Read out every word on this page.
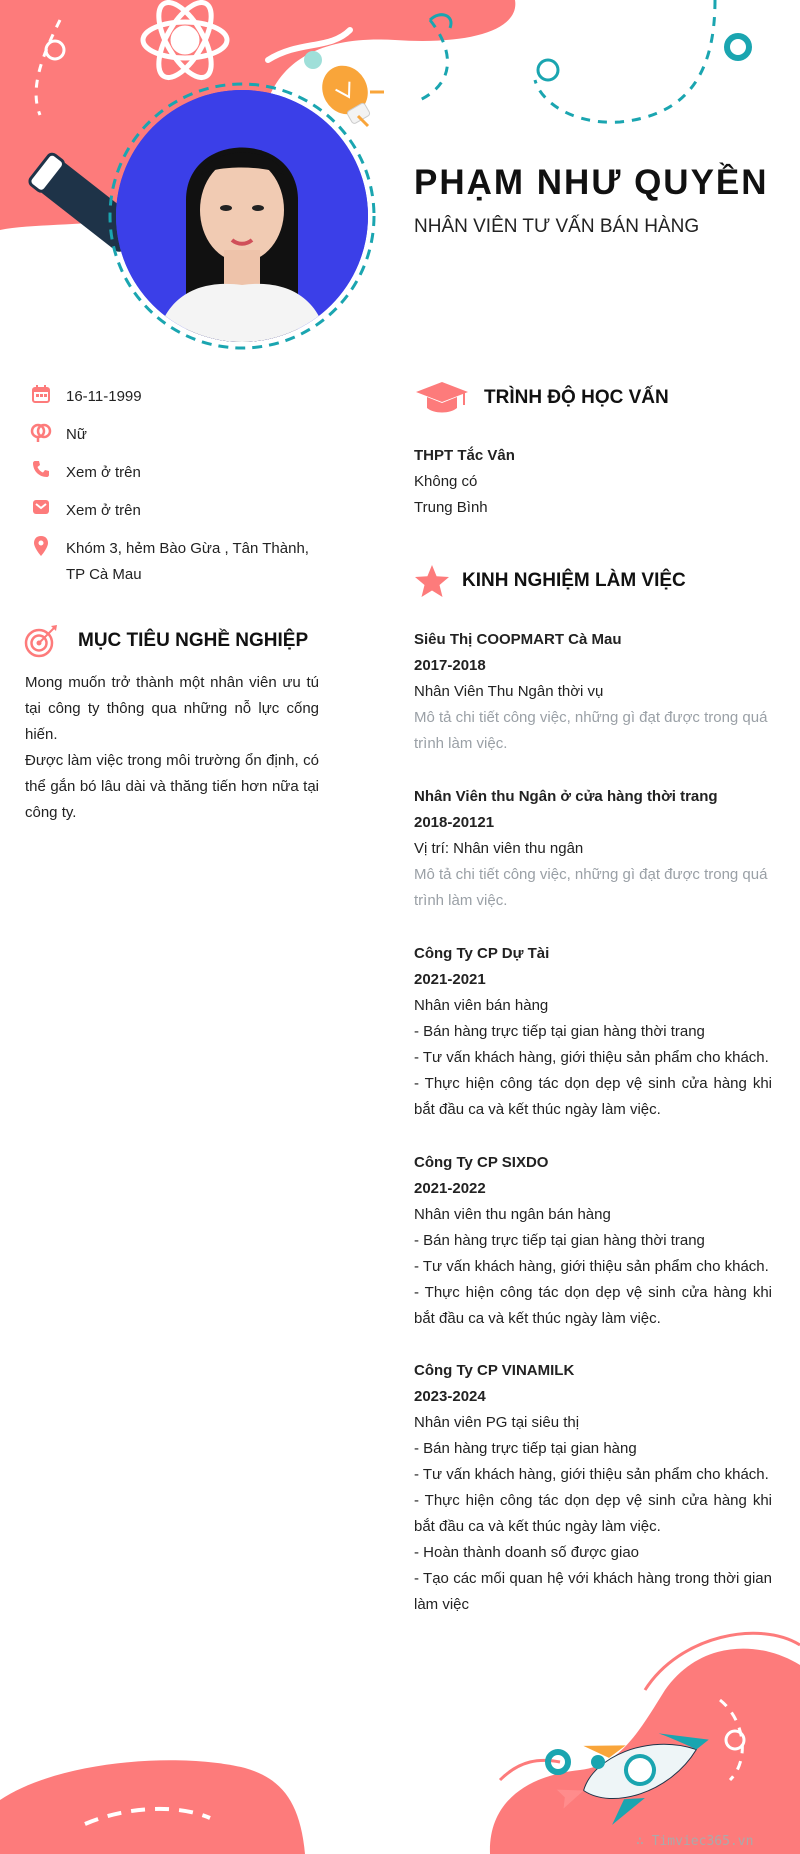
PHẠM NHƯ QUYỀN
NHÂN VIÊN TƯ VẤN BÁN HÀNG
16-11-1999
Nữ
Xem ở trên
Xem ở trên
Khóm 3, hẻm Bào Gừa , Tân Thành, TP Cà Mau
MỤC TIÊU NGHỀ NGHIỆP
Mong muốn trở thành một nhân viên ưu tú tại công ty thông qua những nỗ lực cống hiến.
Được làm việc trong môi trường ổn định, có thể gắn bó lâu dài và thăng tiến hơn nữa tại công ty.
TRÌNH ĐỘ HỌC VẤN
THPT Tắc Vân
Không có
Trung Bình
KINH NGHIỆM LÀM VIỆC
Siêu Thị COOPMART Cà Mau
2017-2018
Nhân Viên Thu Ngân thời vụ
Mô tả chi tiết công việc, những gì đạt được trong quá trình làm việc.
Nhân Viên thu Ngân ở cửa hàng thời trang
2018-20121
Vị trí: Nhân viên thu ngân
Mô tả chi tiết công việc, những gì đạt được trong quá trình làm việc.
Công Ty CP Dự Tài
2021-2021
Nhân viên bán hàng
- Bán hàng trực tiếp tại gian hàng thời trang
- Tư vấn khách hàng, giới thiệu sản phẩm cho khách.
- Thực hiện công tác dọn dẹp vệ sinh cửa hàng khi bắt đầu ca và kết thúc ngày làm việc.
Công Ty CP SIXDO
2021-2022
Nhân viên thu ngân bán hàng
- Bán hàng trực tiếp tại gian hàng thời trang
- Tư vấn khách hàng, giới thiệu sản phẩm cho khách.
- Thực hiện công tác dọn dẹp vệ sinh cửa hàng khi bắt đầu ca và kết thúc ngày làm việc.
Công Ty CP VINAMILK
2023-2024
Nhân viên PG tại siêu thị
- Bán hàng trực tiếp tại gian hàng
- Tư vấn khách hàng, giới thiệu sản phẩm cho khách.
- Thực hiện công tác dọn dẹp vệ sinh cửa hàng khi bắt đầu ca và kết thúc ngày làm việc.
- Hoàn thành doanh số được giao
- Tạo các mối quan hệ với khách hàng trong thời gian làm việc
∴ Timviec365.vn
